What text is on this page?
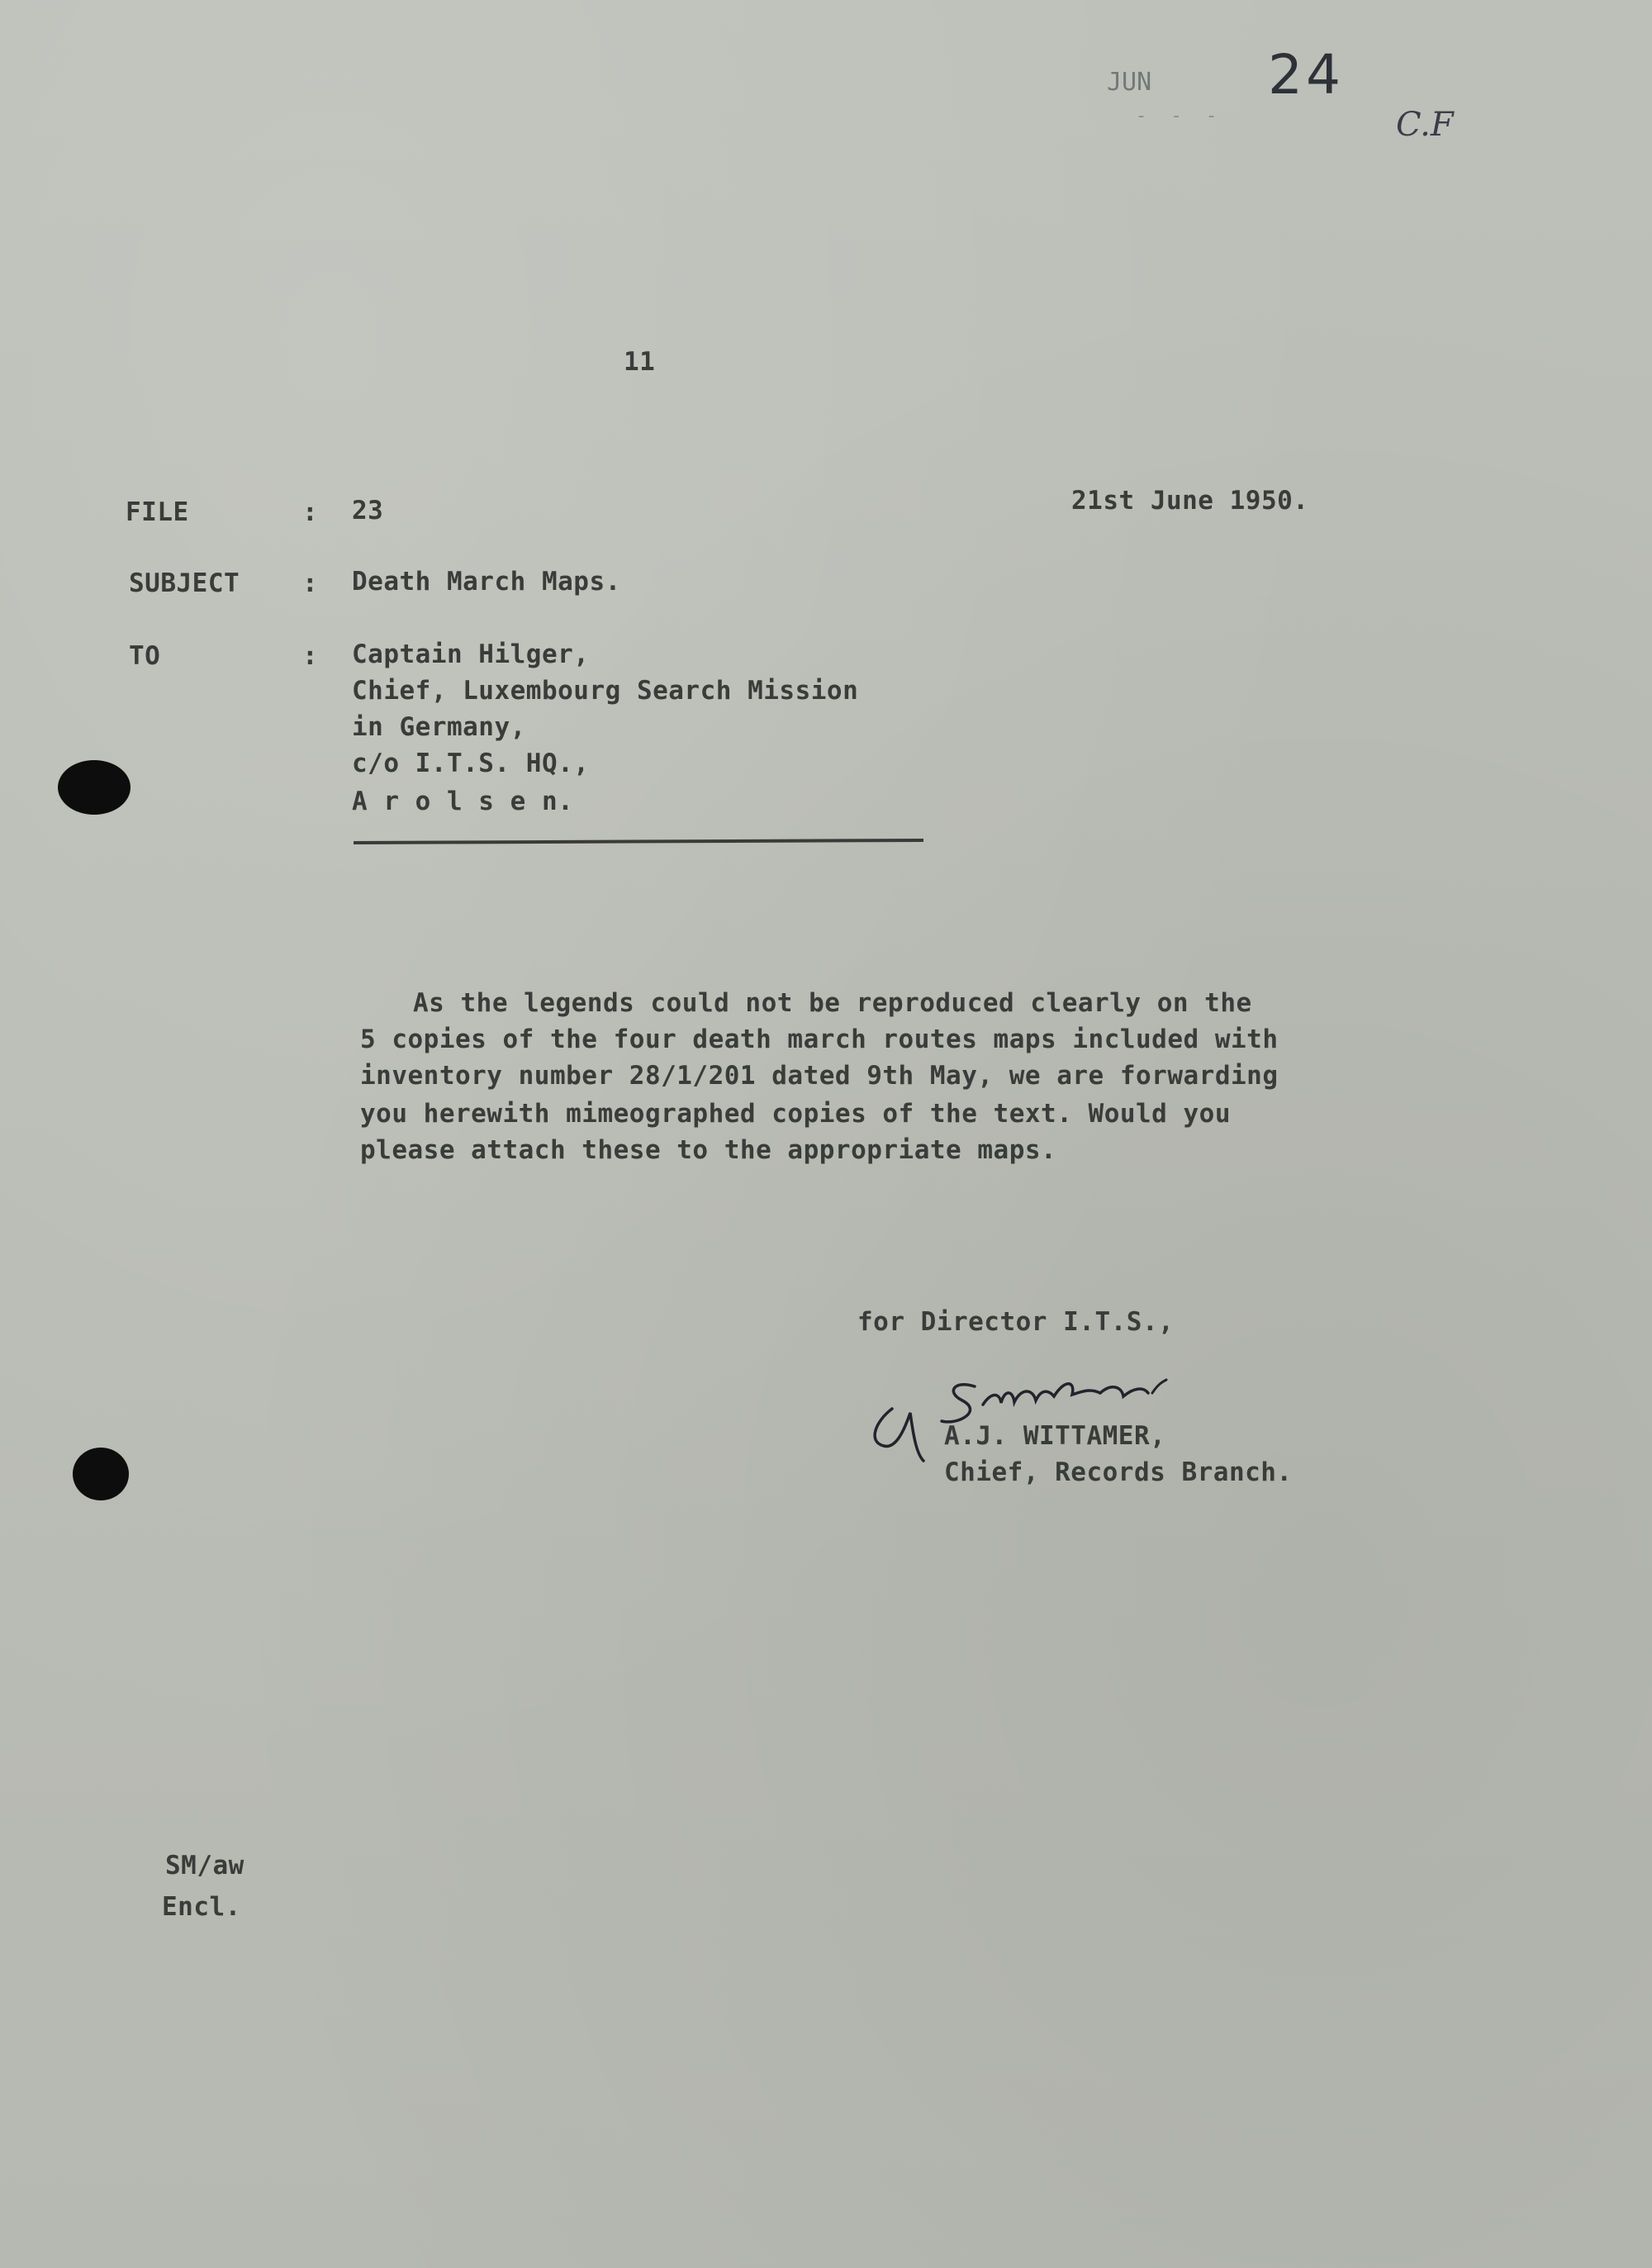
JUN
- - -
24
C.F
11
21st June 1950.
FILE	: 23
SUBJECT : Death March Maps.
TO	: Captain Hilger,
Chief, Luxembourg Search Mission
in Germany,
c/o I.T.S. HQ.,
A r o l s e n.
As the legends could not be reproduced clearly on the
5 copies of the four death march routes maps included with
inventory number 28/1/201 dated 9th May, we are forwarding
you herewith mimeographed copies of the text. Would you
please attach these to the appropriate maps.
for Director I.T.S.,
A.J. WITTAMER,
Chief, Records Branch.
SM/aw
Encl.
